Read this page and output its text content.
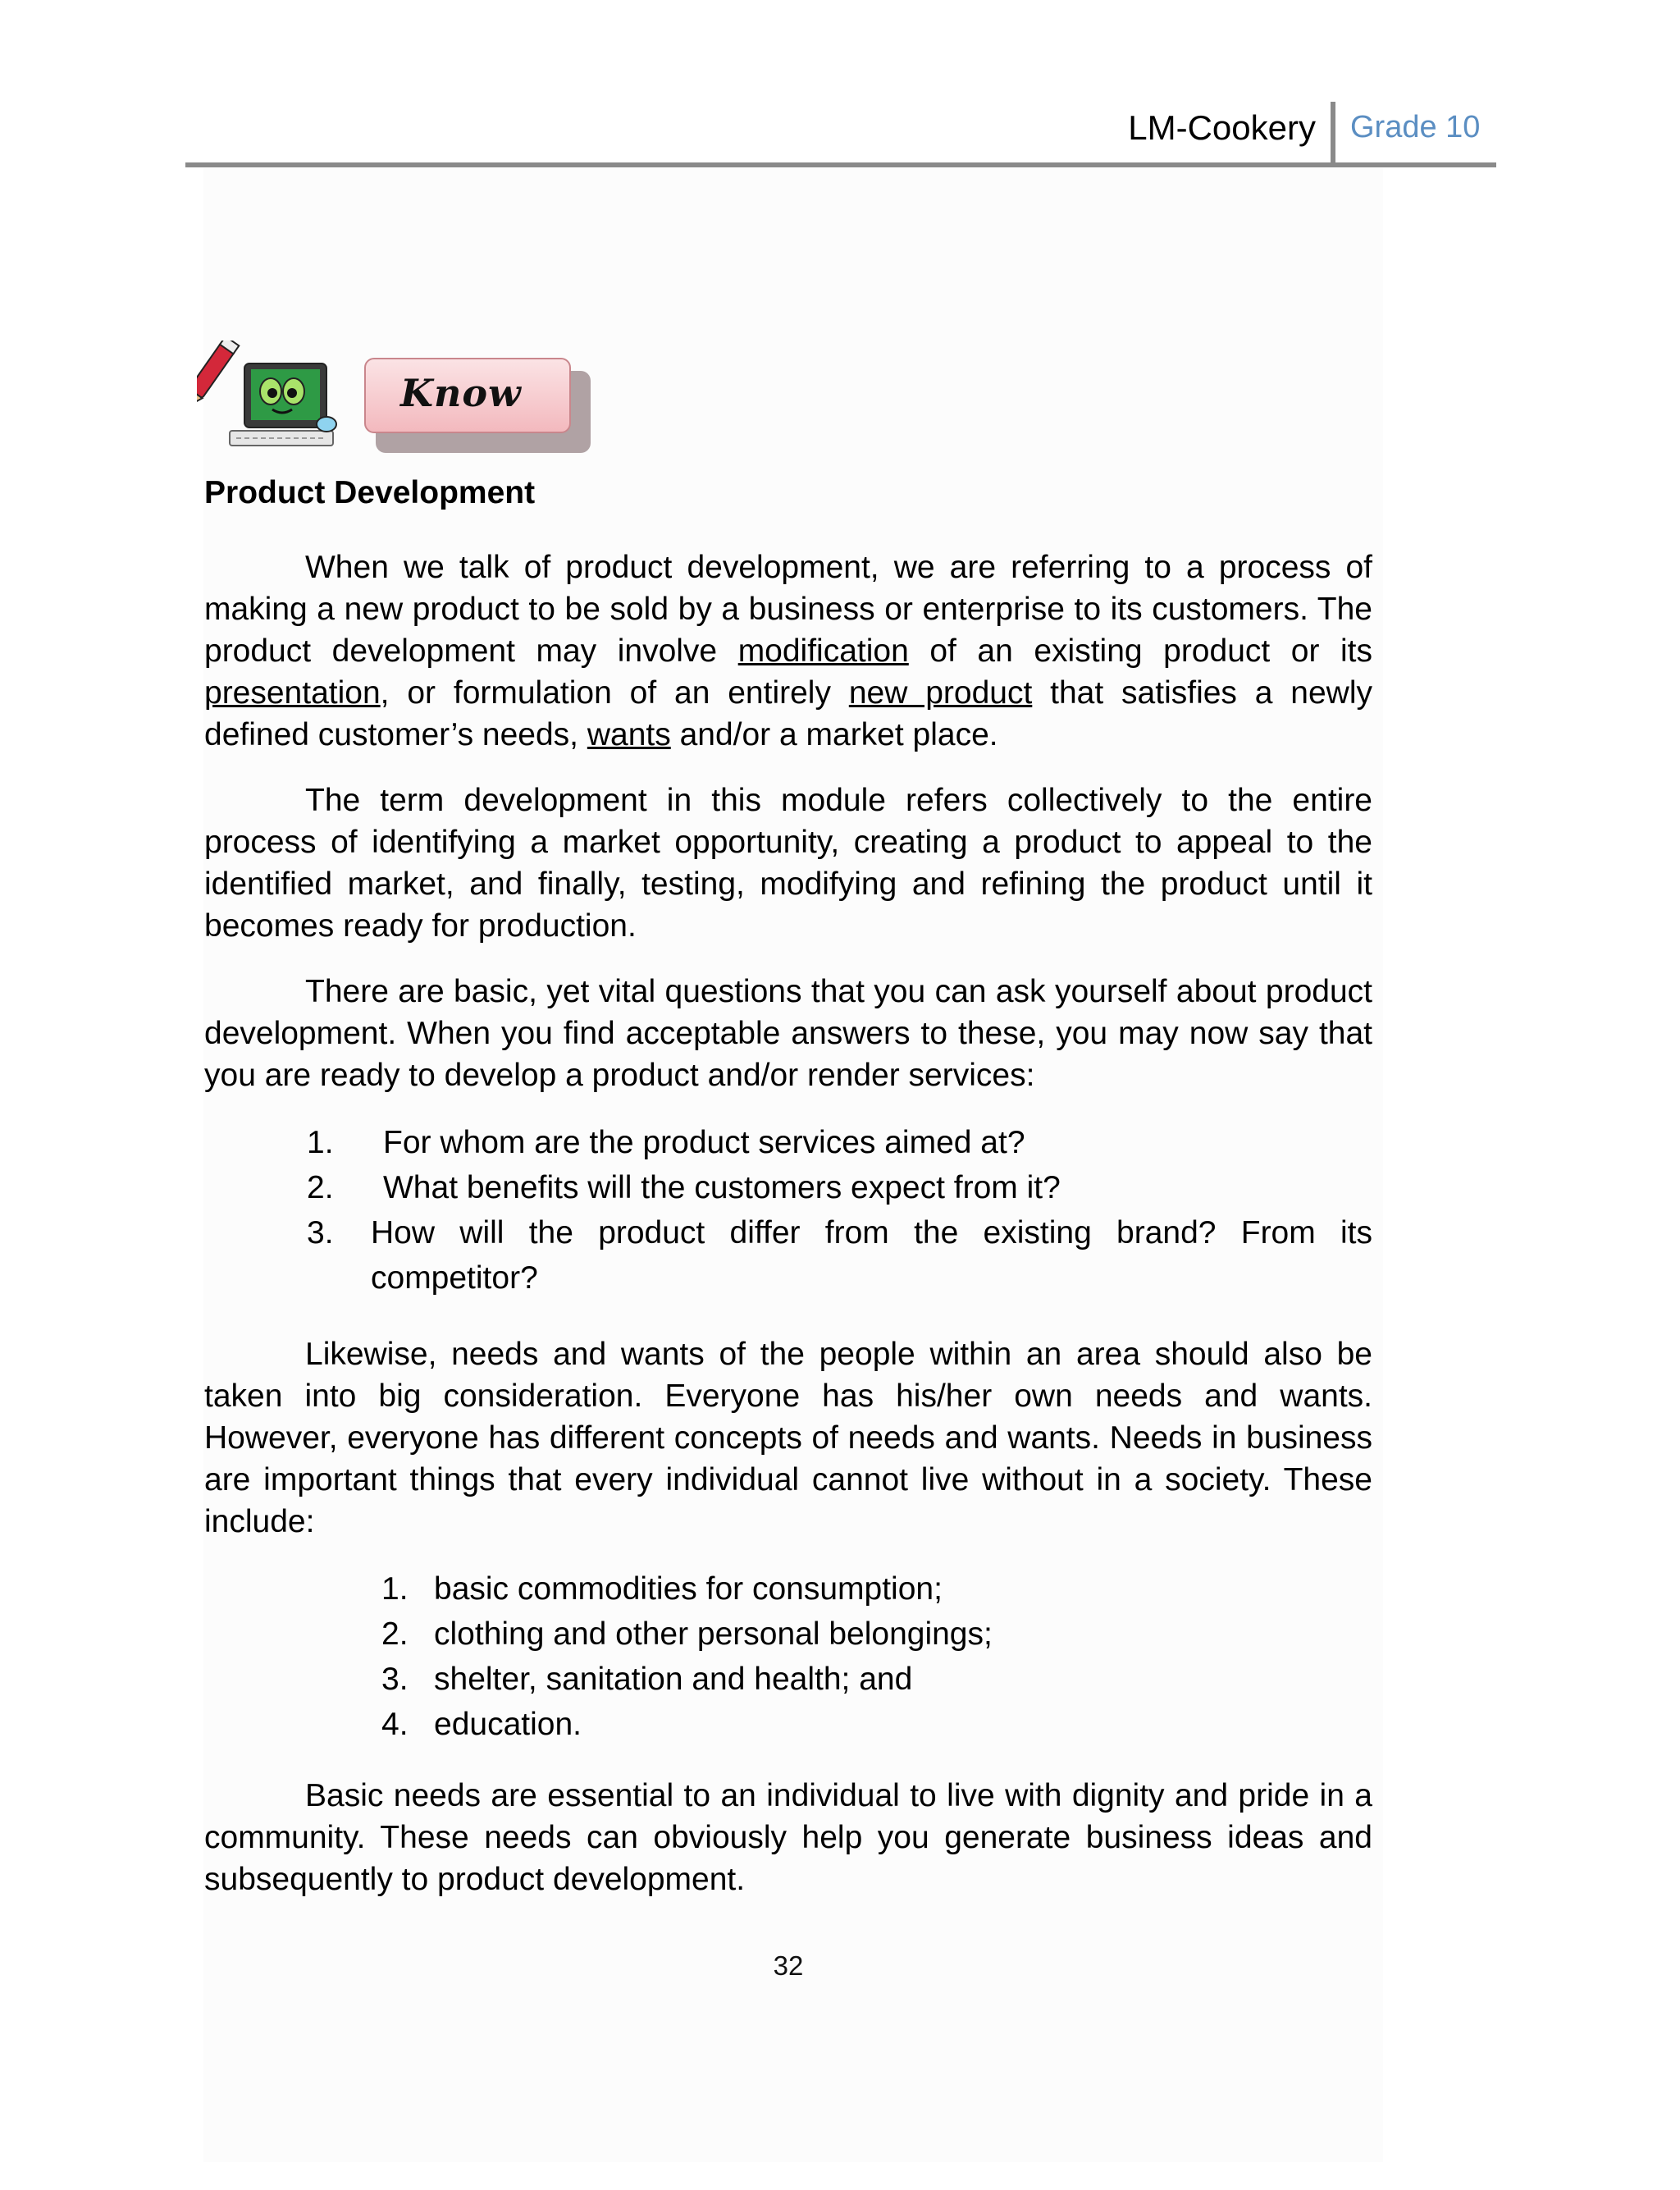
LM-Cookery Grade 10
Know
Product Development

When we talk of product development, we are referring to a process of making a new product to be sold by a business or enterprise to its customers. The product development may involve modification of an existing product or its presentation, or formulation of an entirely new product that satisfies a newly defined customer’s needs, wants and/or a market place.

The term development in this module refers collectively to the entire process of identifying a market opportunity, creating a product to appeal to the identified market, and finally, testing, modifying and refining the product until it becomes ready for production.

There are basic, yet vital questions that you can ask yourself about product development. When you find acceptable answers to these, you may now say that you are ready to develop a product and/or render services:

1.	For whom are the product services aimed at?
2.	What benefits will the customers expect from it?
3.	How will the product differ from the existing brand? From its competitor?

Likewise, needs and wants of the people within an area should also be taken into big consideration. Everyone has his/her own needs and wants. However, everyone has different concepts of needs and wants. Needs in business are important things that every individual cannot live without in a society. These include:

1. basic commodities for consumption;
2. clothing and other personal belongings;
3. shelter, sanitation and health; and
4. education.

Basic needs are essential to an individual to live with dignity and pride in a community. These needs can obviously help you generate business ideas and subsequently to product development.

32
